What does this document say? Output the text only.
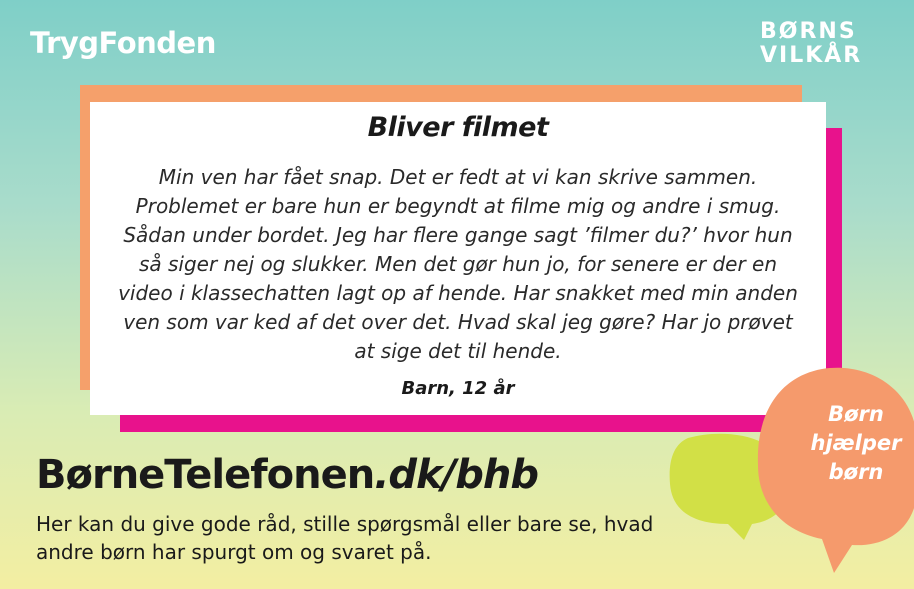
TrygFonden	BØRNS
VILKÅR
Bliver filmet
Min ven har fået snap. Det er fedt at vi kan skrive sammen. Problemet er bare hun er begyndt at filme mig og andre i smug. Sådan under bordet. Jeg har flere gange sagt ’filmer du?’ hvor hun så siger nej og slukker. Men det gør hun jo, for senere er der en video i klassechatten lagt op af hende. Har snakket med min anden ven som var ked af det over det. Hvad skal jeg gøre? Har jo prøvet at sige det til hende.
Barn, 12 år
BørneTelefonen.dk/bhb
Her kan du give gode råd, stille spørgsmål eller bare se, hvad andre børn har spurgt om og svaret på.
Børn
hjælper
børn
